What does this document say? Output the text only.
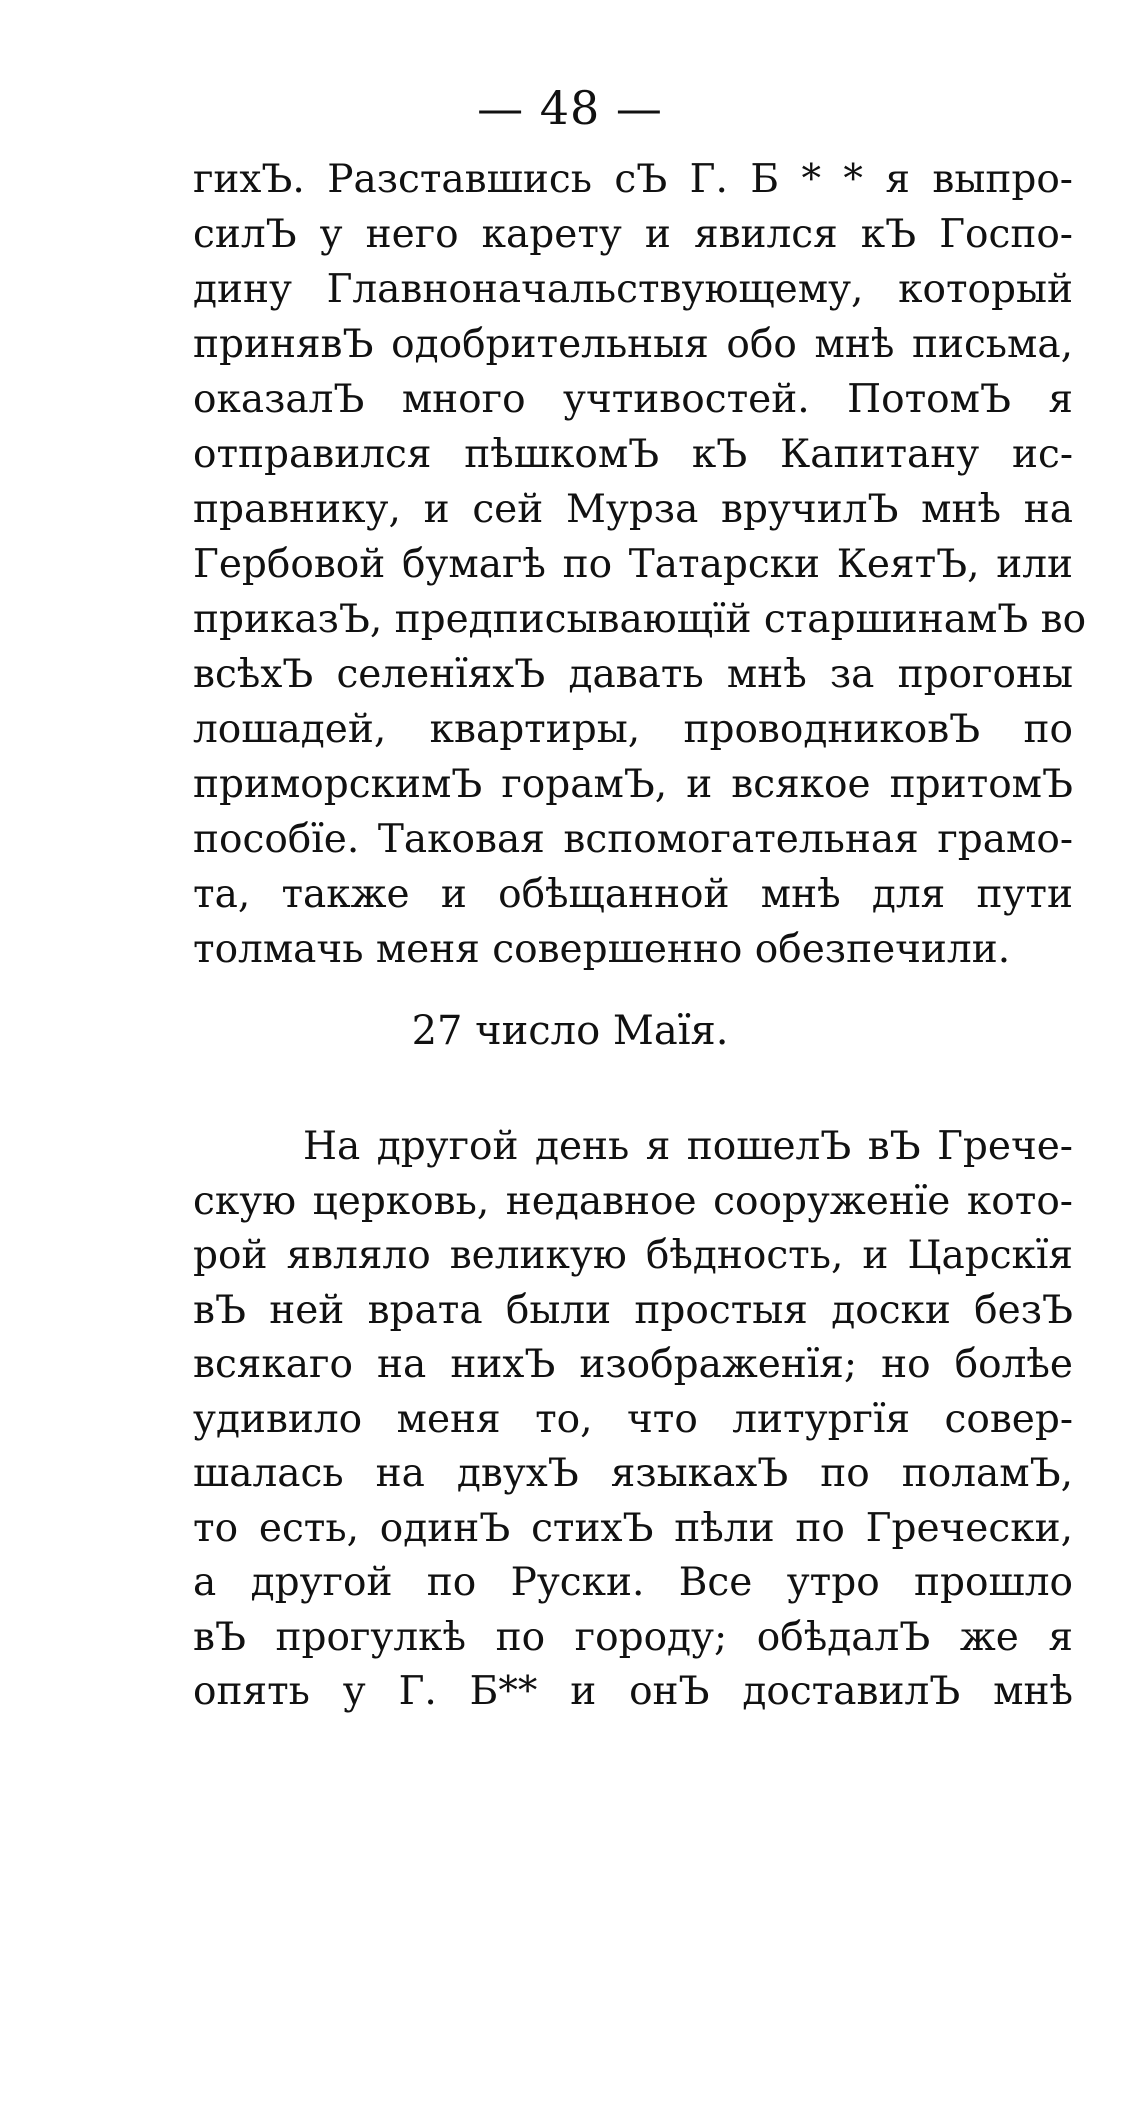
— 48 —
гихЪ. Разставшись сЪ Г. Б * * я выпро-
силЪ у него карету и явился кЪ Госпо-
дину Главноначальствующему, который
принявЪ одобрительныя обо мнѣ письма,
оказалЪ много учтивостей. ПотомЪ я
отправился пѣшкомЪ кЪ Капитану ис-
правнику, и сей Мурза вручилЪ мнѣ на
Гербовой бумагѣ по Татарски КеятЪ, или
приказЪ, предписывающїй старшинамЪ во
всѣхЪ селенїяхЪ давать мнѣ за прогоны
лошадей, квартиры, проводниковЪ по
приморскимЪ горамЪ, и всякое притомЪ
пособїе. Таковая вспомогательная грамо-
та, также и обѣщанной мнѣ для пути
толмачь меня совершенно обезпечили.
27 число Маїя.
На другой день я пошелЪ вЪ Грече-
скую церковь, недавное сооруженїе кото-
рой являло великую бѣдность, и Царскїя
вЪ ней врата были простыя доски безЪ
всякаго на нихЪ изображенїя; но болѣе
удивило меня то, что литургїя совер-
шалась на двухЪ языкахЪ по поламЪ,
то есть, одинЪ стихЪ пѣли по Гречески,
а другой по Руски. Все утро прошло
вЪ прогулкѣ по городу; обѣдалЪ же я
опять у Г. Б** и онЪ доставилЪ мнѣ
